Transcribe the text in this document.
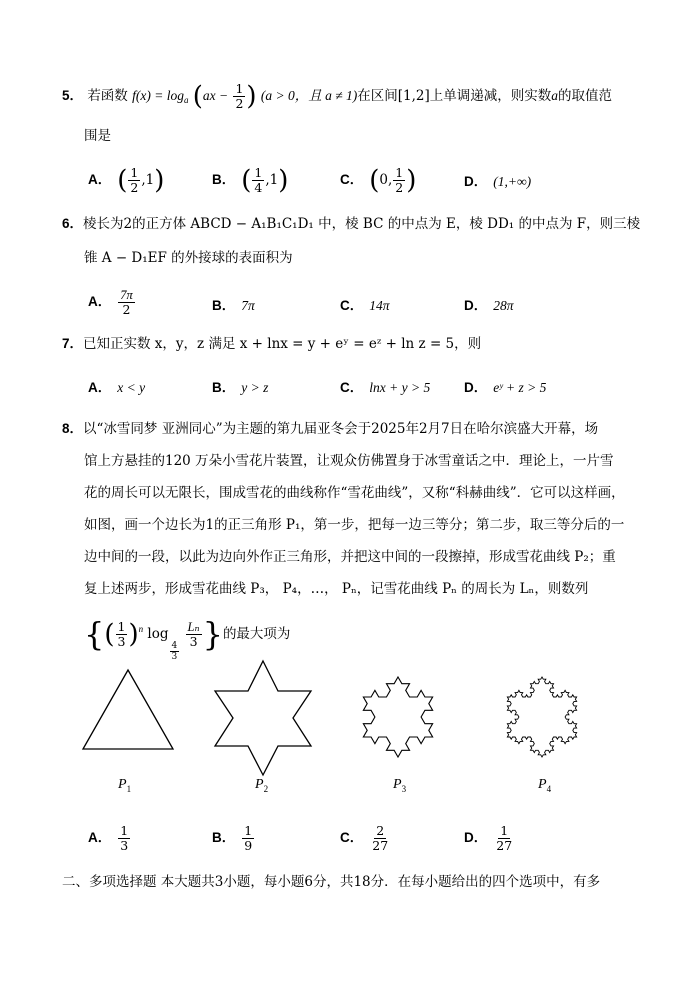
5． 若函数 $f(x) = \log_a (ax - \frac{1}{2}$ ) (a > 0，且 a ≠ 1)在区间[1,2]上单调递减，则实数a的取值范
围是
A． ( $\frac{1}{2} ,1$)	B． ( $\frac{1}{4} ,1$)	C． (0, $\frac{1}{2}$ )	D． (1,+∞)
6．棱长为2的正方体 ABCD − A₁B₁C₁D₁ 中，棱 BC 的中点为 E，棱 DD₁ 的中点为 F，则三棱
锥 A − D₁EF 的外接球的表面积为
A． $\frac{7\pi}{2}$	B． 7π	C． 14π	D． 28π
7．已知正实数 x，y，z 满足 x + lnx = y + eʸ = eᶻ + ln z = 5，则
A． x < y	B． y > z	C． lnx + y > 5	D． eʸ + z > 5
8．以“冰雪同梦 亚洲同心”为主题的第九届亚冬会于2025年2月7日在哈尔滨盛大开幕，场
馆上方悬挂的120 万朵小雪花片装置，让观众仿佛置身于冰雪童话之中．理论上，一片雪
花的周长可以无限长，围成雪花的曲线称作“雪花曲线”，又称“科赫曲线”．它可以这样画，
如图，画一个边长为1的正三角形 P₁，第一步，把每一边三等分；第二步，取三等分后的一
边中间的一段，以此为边向外作正三角形，并把这中间的一段擦掉，形成雪花曲线 P₂；重
复上述两步，形成雪花曲线 P₃， P₄，…， Pₙ，记雪花曲线 Pₙ 的周长为 Lₙ，则数列
{( $\frac{1}{3} )^n$ log
$\frac{4}{3}$

$\frac{\text{Lₙ}}{3}$ }的最大项为
$P_1$	$P_2$	$P_3$	$P_4$
A． $\frac{1}{3}$	B． $\frac{1}{9}$	C． $\frac{2}{27}$	D． $\frac{1}{27}$
二、多项选择题 本大题共3小题，每小题6分，共18分．在每小题给出的四个选项中，有多
